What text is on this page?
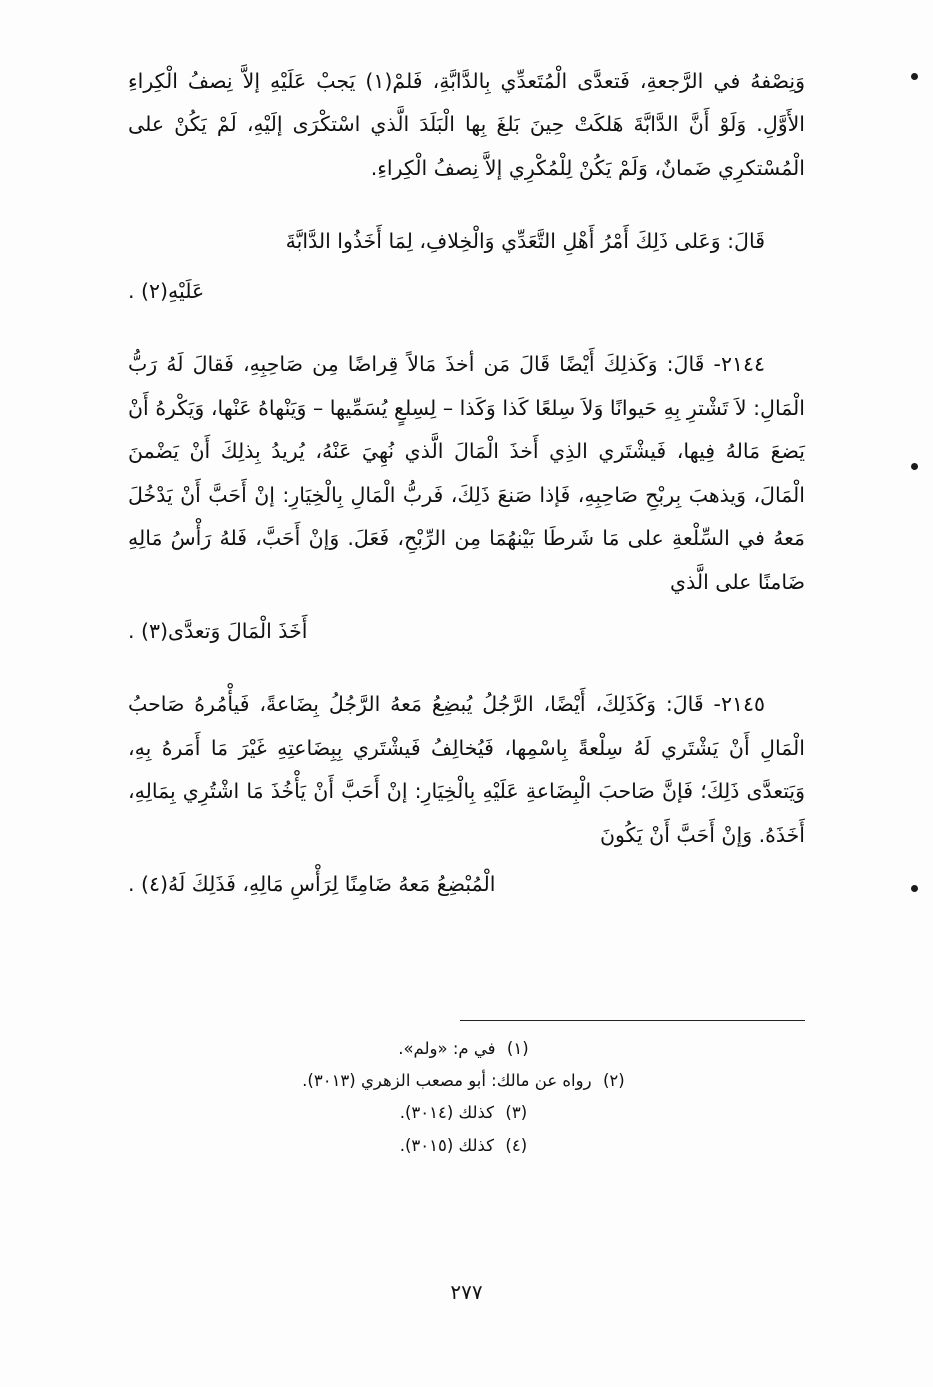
وَنِصْفهُ في الرَّجعةِ، فَتعدَّى الْمُتَعدِّي بِالدَّابَّةِ، فَلمْ(١) يَجبْ عَلَيْهِ إلاَّ نِصفُ الْكِراءِ الأَوَّلِ. وَلَوْ أَنَّ الدَّابَّةَ هَلكَتْ حِينَ بَلغَ بِها الْبَلَدَ الَّذي اسْتكْرَى إلَيْهِ، لَمْ يَكُنْ على الْمُسْتكرِي ضَمانٌ، وَلَمْ يَكُنْ لِلْمُكْرِي إلاَّ نِصفُ الْكِراءِ.

قَالَ: وَعَلى ذَلِكَ أَمْرُ أَهْلِ التَّعَدِّي وَالْخِلافِ، لِمَا أَخَذُوا الدَّابَّةَ

عَلَيْهِ(٢) .

٢١٤٤- قَالَ: وَكَذلِكَ أَيْضًا قَالَ مَن أخذَ مَالاً قِراضًا مِن صَاحِبِهِ، فَقالَ لَهُ رَبُّ الْمَالِ: لاَ تَشْترِ بِهِ حَيوانًا وَلاَ سِلعًا كَذا وَكَذا – لِسِلعٍ يُسَمِّيها – وَيَنْهاهُ عَنْها، وَيَكْرهُ أَنْ يَضعَ مَالهُ فِيها، فَيشْتَري الذِي أَخذَ الْمَالَ الَّذي نُهِيَ عَنْهُ، يُريدُ بِذلِكَ أَنْ يَضْمنَ الْمَالَ، وَيذهبَ بِربْحِ صَاحِبِهِ، فَإذا صَنعَ ذَلِكَ، فَربُّ الْمَالِ بِالْخِيَارِ: إنْ أَحَبَّ أَنْ يَدْخُلَ مَعهُ في السِّلْعةِ على مَا شَرطَا بَيْنهُمَا مِن الرِّبْحِ، فَعَلَ. وَإنْ أَحَبَّ، فَلهُ رَأْسُ مَالِهِ ضَامنًا على الَّذي

أَخَذَ الْمَالَ وَتعدَّى(٣) .

٢١٤٥- قَالَ: وَكَذَلِكَ، أَيْضًا، الرَّجُلُ يُبضِعُ مَعهُ الرَّجُلُ بِضَاعةً، فَيأْمُرهُ صَاحبُ الْمَالِ أَنْ يَشْتَري لَهُ سِلْعةً بِاسْمِها، فَيُخالِفُ فَيشْتَري بِبِضَاعتِهِ غَيْرَ مَا أَمَرهُ بِهِ، وَيَتعدَّى ذَلِكَ؛ فَإنَّ صَاحبَ الْبِضَاعةِ عَلَيْهِ بِالْخِيَارِ: إنْ أَحَبَّ أَنْ يَأْخُذَ مَا اشْتُرِي بِمَالِهِ، أَخَذَهُ. وَإنْ أَحَبَّ أَنْ يَكُونَ

الْمُبْضِعُ مَعهُ ضَامِنًا لِرَأْسِ مَالِهِ، فَذَلِكَ لَهُ(٤) .
(١) في م: «ولم».
(٢) رواه عن مالك: أبو مصعب الزهري (٣٠١٣).
(٣) كذلك (٣٠١٤).
(٤) كذلك (٣٠١٥).
٢٧٧
